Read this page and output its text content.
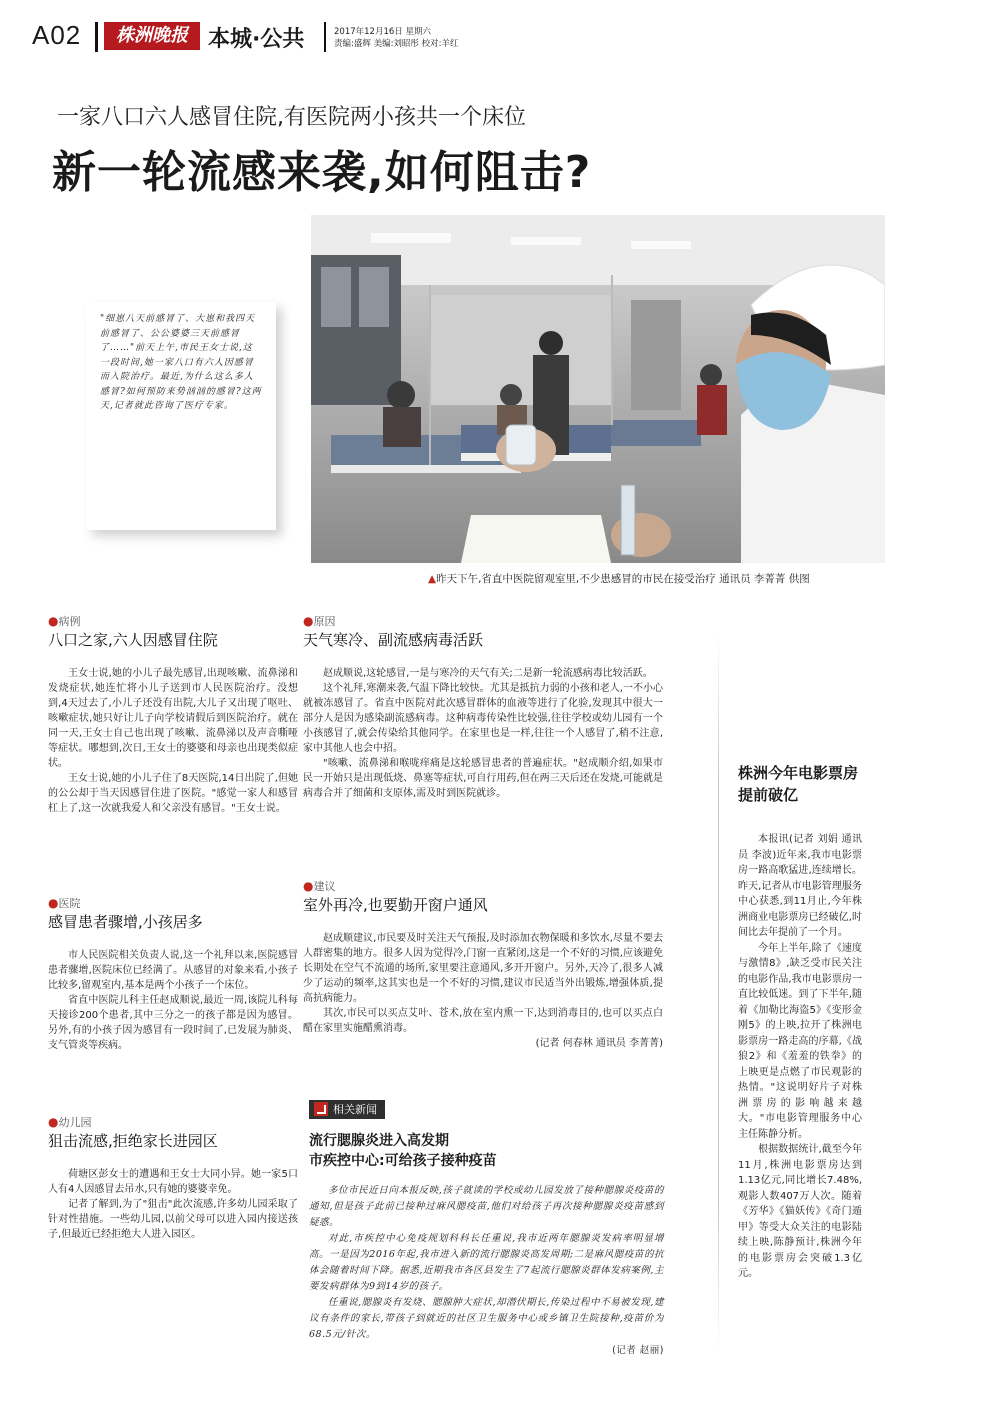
A02	株洲晚报 本城·公共	2017年12月16日 星期六
责编:盛辉 美编:刘昭彤 校对:羊红
一家八口六人感冒住院,有医院两小孩共一个床位
新一轮流感来袭,如何阻击?
"细崽八天前感冒了、大崽和我四天前感冒了、公公婆婆三天前感冒了……"前天上午,市民王女士说,这一段时间,她一家八口有六人因感冒而入院治疗。最近,为什么这么多人感冒?如何预防来势汹汹的感冒?这两天,记者就此咨询了医疗专家。
▲昨天下午,省直中医院留观室里,不少患感冒的市民在接受治疗 通讯员 李菁菁 供图
●病例
八口之家,六人因感冒住院

王女士说,她的小儿子最先感冒,出现咳嗽、流鼻涕和发烧症状,她连忙将小儿子送到市人民医院治疗。没想到,4天过去了,小儿子还没有出院,大儿子又出现了呕吐、咳嗽症状,她只好让儿子向学校请假后到医院治疗。就在同一天,王女士自己也出现了咳嗽、流鼻涕以及声音嘶哑等症状。哪想到,次日,王女士的婆婆和母亲也出现类似症状。

王女士说,她的小儿子住了8天医院,14日出院了,但她的公公却于当天因感冒住进了医院。"感觉一家人和感冒杠上了,这一次就我爱人和父亲没有感冒。"王女士说。

●医院
感冒患者骤增,小孩居多

市人民医院相关负责人说,这一个礼拜以来,医院感冒患者骤增,医院床位已经满了。从感冒的对象来看,小孩子比较多,留观室内,基本是两个小孩子一个床位。

省直中医院儿科主任赵成顺说,最近一周,该院儿科每天接诊200个患者,其中三分之一的孩子都是因为感冒。另外,有的小孩子因为感冒有一段时间了,已发展为肺炎、支气管炎等疾病。

●幼儿园
狙击流感,拒绝家长进园区

荷塘区彭女士的遭遇和王女士大同小异。她一家5口人有4人因感冒去吊水,只有她的婆婆幸免。

记者了解到,为了"狙击"此次流感,许多幼儿园采取了针对性措施。一些幼儿园,以前父母可以进入园内接送孩子,但最近已经拒绝大人进入园区。

●原因
天气寒冷、副流感病毒活跃

赵成顺说,这轮感冒,一是与寒冷的天气有关;二是新一轮流感病毒比较活跃。

这个礼拜,寒潮来袭,气温下降比较快。尤其是抵抗力弱的小孩和老人,一不小心就被冻感冒了。省直中医院对此次感冒群体的血液等进行了化验,发现其中很大一部分人是因为感染副流感病毒。这种病毒传染性比较强,往往学校或幼儿园有一个小孩感冒了,就会传染给其他同学。在家里也是一样,往往一个人感冒了,稍不注意,家中其他人也会中招。

"咳嗽、流鼻涕和喉咙痒痛是这轮感冒患者的普遍症状。"赵成顺介绍,如果市民一开始只是出现低烧、鼻塞等症状,可自行用药,但在两三天后还在发烧,可能就是病毒合并了细菌和支原体,需及时到医院就诊。

●建议
室外再冷,也要勤开窗户通风

赵成顺建议,市民要及时关注天气预报,及时添加衣物保暖和多饮水,尽量不要去人群密集的地方。很多人因为觉得冷,门窗一直紧闭,这是一个不好的习惯,应该避免长期处在空气不流通的场所,家里要注意通风,多开开窗户。另外,天冷了,很多人减少了运动的频率,这其实也是一个不好的习惯,建议市民适当外出锻炼,增强体质,提高抗病能力。

其次,市民可以买点艾叶、苍术,放在室内熏一下,达到消毒目的,也可以买点白醋在家里实施醋熏消毒。

(记者 何春林 通讯员 李菁菁)
相关新闻
流行腮腺炎进入高发期
市疾控中心:可给孩子接种疫苗

多位市民近日向本报反映,孩子就读的学校或幼儿园发放了接种腮腺炎疫苗的通知,但是孩子此前已接种过麻风腮疫苗,他们对给孩子再次接种腮腺炎疫苗感到疑惑。

对此,市疾控中心免疫规划科科长任重说,我市近两年腮腺炎发病率明显增高。一是因为2016年起,我市进入新的流行腮腺炎高发周期;二是麻风腮疫苗的抗体会随着时间下降。据悉,近期我市各区县发生了7起流行腮腺炎群体发病案例,主要发病群体为9到14岁的孩子。

任重说,腮腺炎有发烧、腮腺肿大症状,却潜伏期长,传染过程中不易被发现,建议有条件的家长,带孩子到就近的社区卫生服务中心或乡镇卫生院接种,疫苗价为68.5元/针次。

(记者 赵丽)
株洲今年电影票房
提前破亿

本报讯(记者 刘娟 通讯员 李波)近年来,我市电影票房一路高歌猛进,连续增长。昨天,记者从市电影管理服务中心获悉,到11月止,今年株洲商业电影票房已经破亿,时间比去年提前了一个月。

今年上半年,除了《速度与激情8》,缺乏受市民关注的电影作品,我市电影票房一直比较低迷。到了下半年,随着《加勒比海盗5》《变形金刚5》的上映,拉开了株洲电影票房一路走高的序幕,《战狼2》和《羞羞的铁拳》的上映更是点燃了市民观影的热情。"这说明好片子对株洲票房的影响越来越大。"市电影管理服务中心主任陈静分析。

根据数据统计,截至今年11月,株洲电影票房达到1.13亿元,同比增长7.48%,观影人数407万人次。随着《芳华》《猫妖传》《奇门遁甲》等受大众关注的电影陆续上映,陈静预计,株洲今年的电影票房会突破1.3亿元。
